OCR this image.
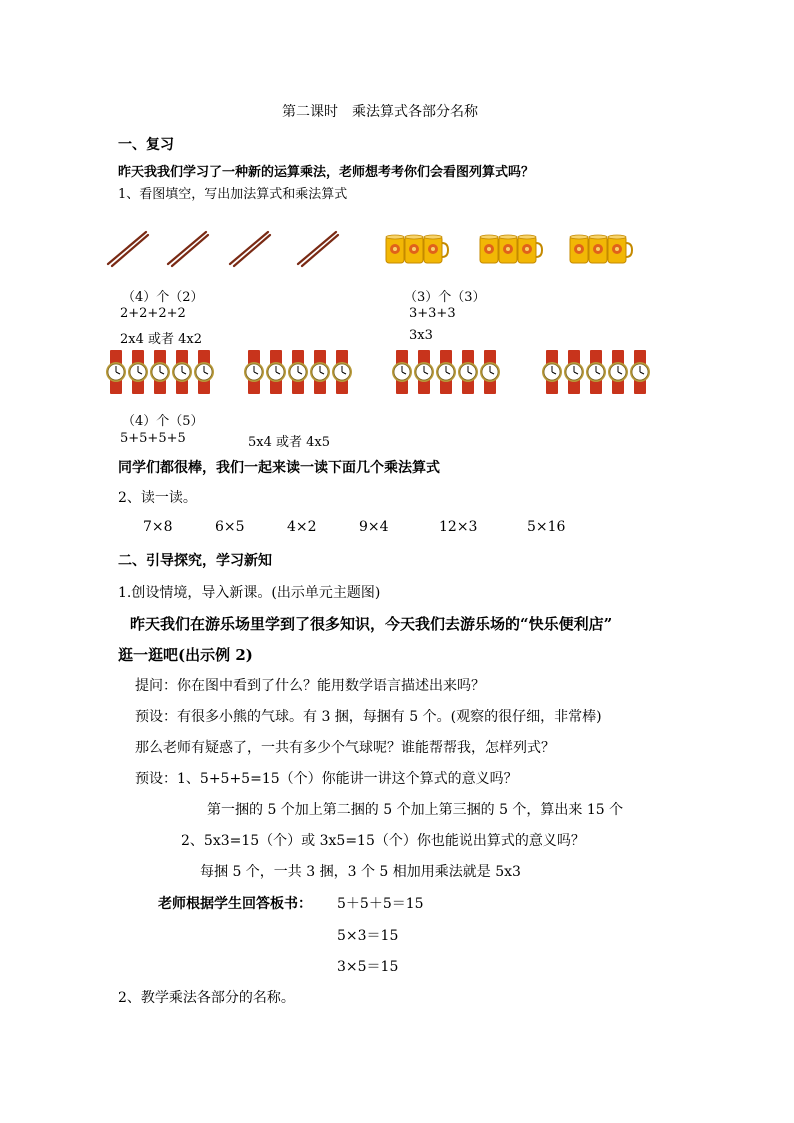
第二课时　乘法算式各部分名称
一、复习
昨天我我们学习了一种新的运算乘法，老师想考考你们会看图列算式吗？
1、看图填空，写出加法算式和乘法算式
（4）个（2）
2+2+2+2
2x4 或者 4x2
（3）个（3）
3+3+3
3x3
（4）个（5）
5+5+5+5	5x4 或者 4x5
同学们都很棒，我们一起来读一读下面几个乘法算式
2、读一读。
7×8	6×5	4×2	9×4	12×3	5×16
二、引导探究，学习新知
1.创设情境，导入新课。(出示单元主题图)
昨天我们在游乐场里学到了很多知识，今天我们去游乐场的“快乐便利店”
逛一逛吧(出示例 2)
提问：你在图中看到了什么？能用数学语言描述出来吗？
预设：有很多小熊的气球。有 3 捆，每捆有 5 个。(观察的很仔细，非常棒)
那么老师有疑惑了，一共有多少个气球呢？谁能帮帮我，怎样列式？
预设：1、5+5+5=15（个）你能讲一讲这个算式的意义吗？
第一捆的 5 个加上第二捆的 5 个加上第三捆的 5 个，算出来 15 个
2、5x3=15（个）或 3x5=15（个）你也能说出算式的意义吗？
每捆 5 个，一共 3 捆，3 个 5 相加用乘法就是 5x3
老师根据学生回答板书： 5＋5＋5＝15
5×3＝15
3×5＝15
2、教学乘法各部分的名称。
